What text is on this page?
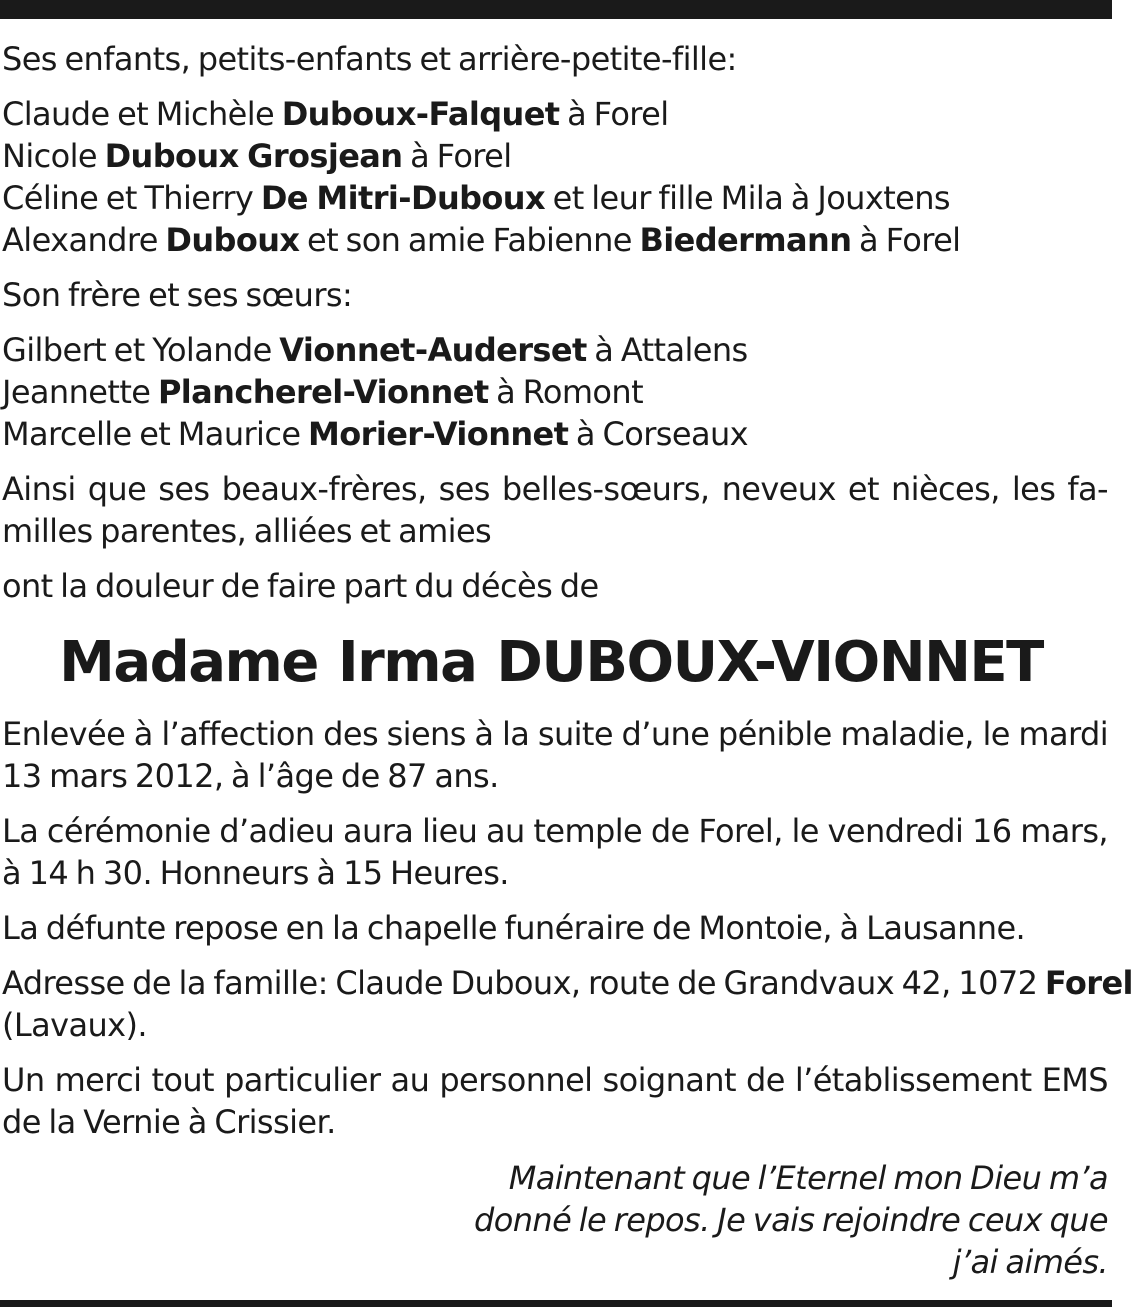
Ses enfants, petits-enfants et arrière-petite-fille:

Claude et Michèle Duboux-Falquet à Forel
Nicole Duboux Grosjean à Forel
Céline et Thierry De Mitri-Duboux et leur fille Mila à Jouxtens
Alexandre Duboux et son amie Fabienne Biedermann à Forel

Son frère et ses sœurs:

Gilbert et Yolande Vionnet-Auderset à Attalens
Jeannette Plancherel-Vionnet à Romont
Marcelle et Maurice Morier-Vionnet à Corseaux

Ainsi que ses beaux-frères, ses belles-sœurs, neveux et nièces, les fa-
milles parentes, alliées et amies

ont la douleur de faire part du décès de

Madame Irma DUBOUX-VIONNET

Enlevée à l’affection des siens à la suite d’une pénible maladie, le mardi
13 mars 2012, à l’âge de 87 ans.

La cérémonie d’adieu aura lieu au temple de Forel, le vendredi 16 mars,
à 14 h 30. Honneurs à 15 Heures.

La défunte repose en la chapelle funéraire de Montoie, à Lausanne.

Adresse de la famille: Claude Duboux, route de Grandvaux 42, 1072 Forel
(Lavaux).

Un merci tout particulier au personnel soignant de l’établissement EMS
de la Vernie à Crissier.

Maintenant que l’Eternel mon Dieu m’a
donné le repos. Je vais rejoindre ceux que
j’ai aimés.
